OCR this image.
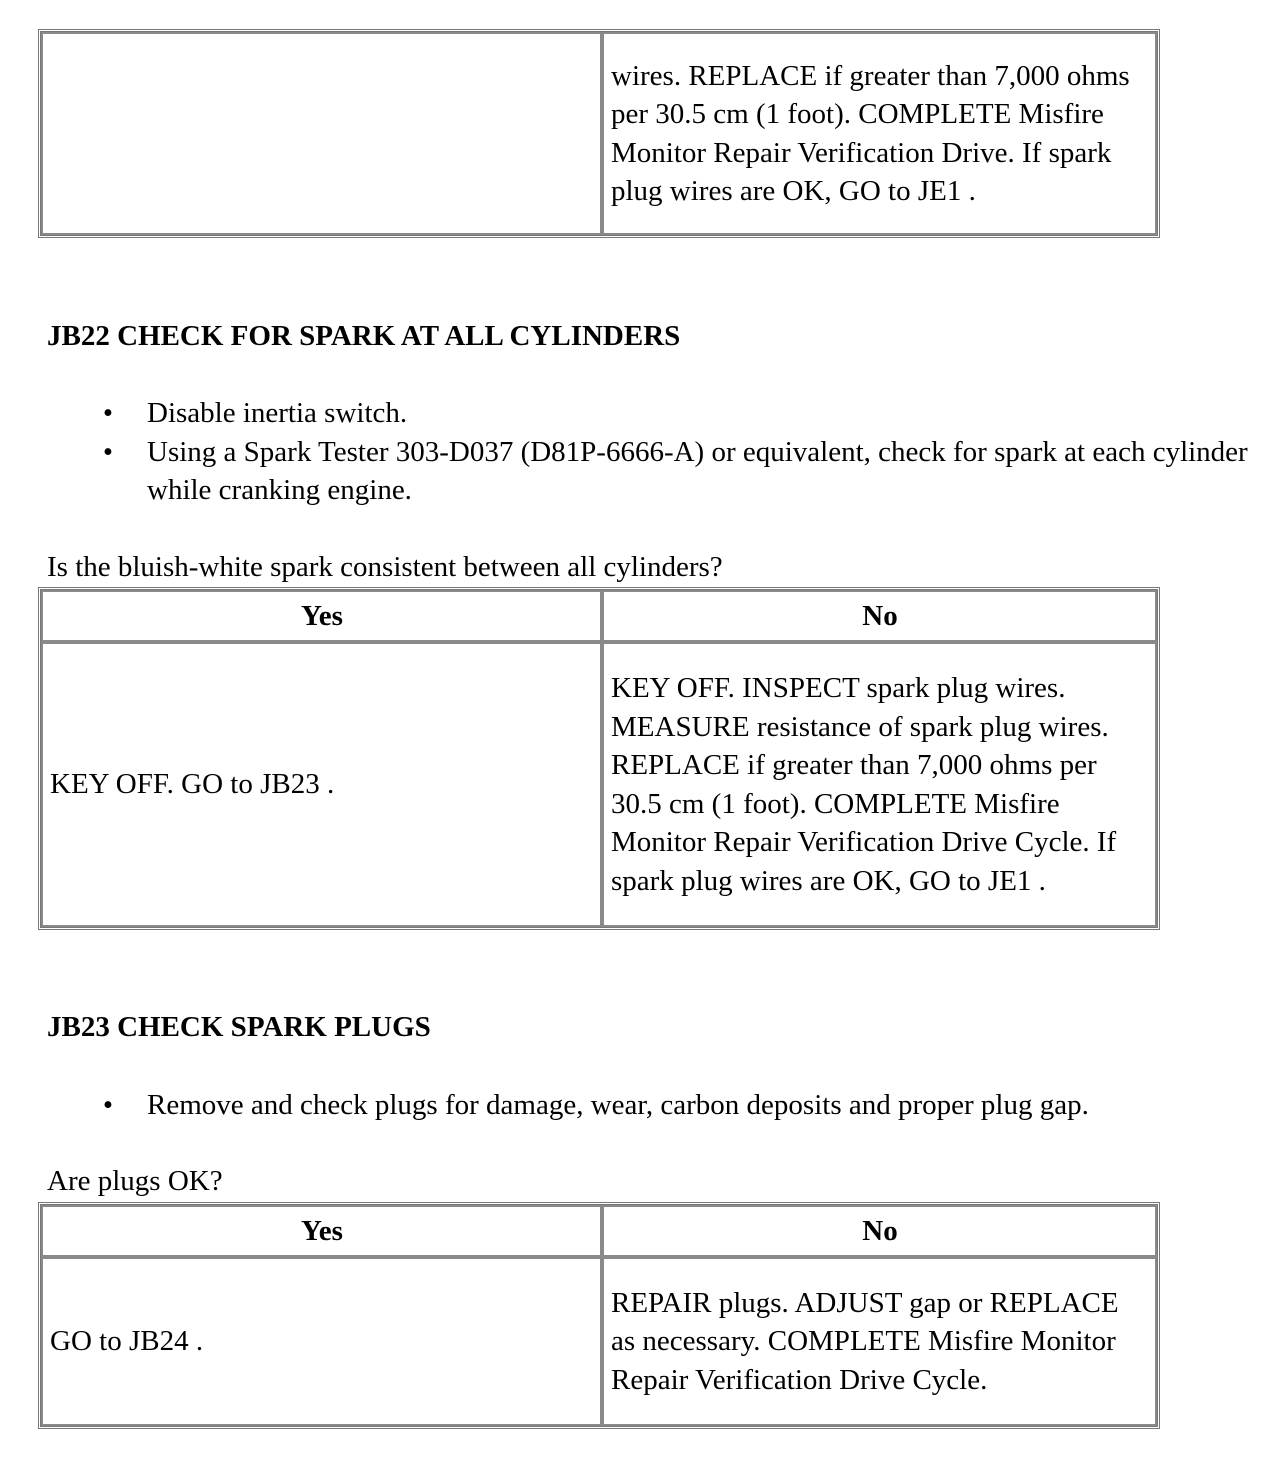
	wires. REPLACE if greater than 7,000 ohms per 30.5 cm (1 foot). COMPLETE Misfire Monitor Repair Verification Drive. If spark plug wires are OK, GO to JE1 .
JB22 CHECK FOR SPARK AT ALL CYLINDERS
• Disable inertia switch.
• Using a Spark Tester 303-D037 (D81P-6666-A) or equivalent, check for spark at each cylinder while cranking engine.

Is the bluish-white spark consistent between all cylinders?

Yes	No
KEY OFF. GO to JB23 .	KEY OFF. INSPECT spark plug wires. MEASURE resistance of spark plug wires. REPLACE if greater than 7,000 ohms per 30.5 cm (1 foot). COMPLETE Misfire Monitor Repair Verification Drive Cycle. If spark plug wires are OK, GO to JE1 .
JB23 CHECK SPARK PLUGS
• Remove and check plugs for damage, wear, carbon deposits and proper plug gap.

Are plugs OK?

Yes	No
GO to JB24 .	REPAIR plugs. ADJUST gap or REPLACE as necessary. COMPLETE Misfire Monitor Repair Verification Drive Cycle.
